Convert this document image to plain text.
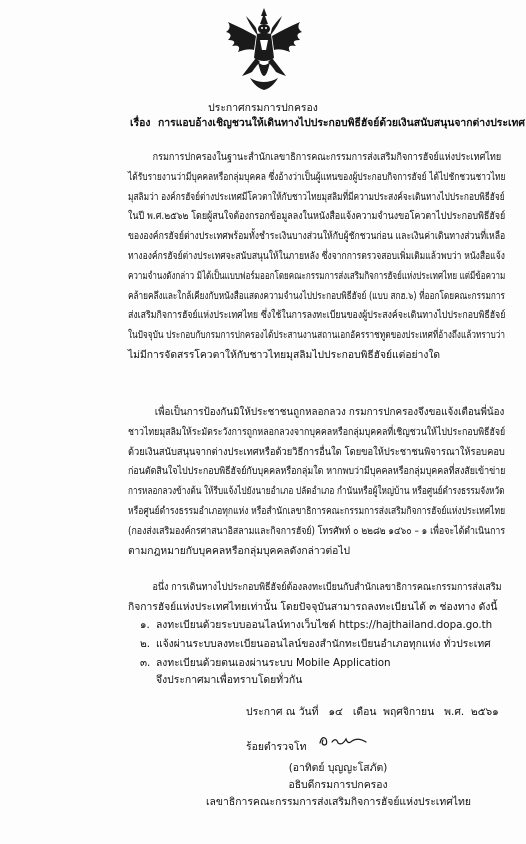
ประกาศกรมการปกครอง
เรื่อง การแอบอ้างเชิญชวนให้เดินทางไปประกอบพิธีฮัจย์ด้วยเงินสนับสนุนจากต่างประเทศ
กรมการปกครองในฐานะสำนักเลขาธิการคณะกรรมการส่งเสริมกิจการฮัจย์แห่งประเทศไทย
ได้รับรายงานว่ามีบุคคลหรือกลุ่มบุคคล ซึ่งอ้างว่าเป็นผู้แทนของผู้ประกอบกิจการฮัจย์ ได้ไปชักชวนชาวไทย
มุสลิมว่า องค์กรฮัจย์ต่างประเทศมีโควตาให้กับชาวไทยมุสลิมที่มีความประสงค์จะเดินทางไปประกอบพิธีฮัจย์
ในปี พ.ศ.๒๕๖๒ โดยผู้สนใจต้องกรอกข้อมูลลงในหนังสือแจ้งความจำนงขอโควตาไปประกอบพิธีฮัจย์
ขององค์กรฮัจย์ต่างประเทศพร้อมทั้งชำระเงินบางส่วนให้กับผู้ชักชวนก่อน และเงินค่าเดินทางส่วนที่เหลือ
ทางองค์กรฮัจย์ต่างประเทศจะสนับสนุนให้ในภายหลัง ซึ่งจากการตรวจสอบเพิ่มเติมแล้วพบว่า หนังสือแจ้ง
ความจำนงดังกล่าว มิได้เป็นแบบฟอร์มออกโดยคณะกรรมการส่งเสริมกิจการฮัจย์แห่งประเทศไทย แต่มีข้อความ
คล้ายคลึงและใกล้เคียงกับหนังสือแสดงความจำนงไปประกอบพิธีฮัจย์ (แบบ สกฮ.๖) ที่ออกโดยคณะกรรมการ
ส่งเสริมกิจการฮัจย์แห่งประเทศไทย ซึ่งใช้ในการลงทะเบียนของผู้ประสงค์จะเดินทางไปประกอบพิธีฮัจย์
ในปัจจุบัน ประกอบกับกรมการปกครองได้ประสานงานสถานเอกอัครราชทูตของประเทศที่อ้างถึงแล้วทราบว่า
ไม่มีการจัดสรรโควตาให้กับชาวไทยมุสลิมไปประกอบพิธีฮัจย์แต่อย่างใด
เพื่อเป็นการป้องกันมิให้ประชาชนถูกหลอกลวง กรมการปกครองจึงขอแจ้งเตือนพี่น้อง
ชาวไทยมุสลิมให้ระมัดระวังการถูกหลอกลวงจากบุคคลหรือกลุ่มบุคคลที่เชิญชวนให้ไปประกอบพิธีฮัจย์
ด้วยเงินสนับสนุนจากต่างประเทศหรือด้วยวิธีการอื่นใด โดยขอให้ประชาชนพิจารณาให้รอบคอบ
ก่อนตัดสินใจไปประกอบพิธีฮัจย์กับบุคคลหรือกลุ่มใด หากพบว่ามีบุคคลหรือกลุ่มบุคคลที่สงสัยเข้าข่าย
การหลอกลวงข้างต้น ให้รีบแจ้งไปยังนายอำเภอ ปลัดอำเภอ กำนันหรือผู้ใหญ่บ้าน หรือศูนย์ดำรงธรรมจังหวัด
หรือศูนย์ดำรงธรรมอำเภอทุกแห่ง หรือสำนักเลขาธิการคณะกรรมการส่งเสริมกิจการฮัจย์แห่งประเทศไทย
(กองส่งเสริมองค์กรศาสนาอิสลามและกิจการฮัจย์) โทรศัพท์ ๐ ๒๒๘๒ ๑๔๖๐ – ๑ เพื่อจะได้ดำเนินการ
ตามกฎหมายกับบุคคลหรือกลุ่มบุคคลดังกล่าวต่อไป
อนึ่ง การเดินทางไปประกอบพิธีฮัจย์ต้องลงทะเบียนกับสำนักเลขาธิการคณะกรรมการส่งเสริม
กิจการฮัจย์แห่งประเทศไทยเท่านั้น โดยปัจจุบันสามารถลงทะเบียนได้ ๓ ช่องทาง ดังนี้
๑. ลงทะเบียนด้วยระบบออนไลน์ทางเว็บไซต์ https://hajthailand.dopa.go.th
๒. แจ้งผ่านระบบลงทะเบียนออนไลน์ของสำนักทะเบียนอำเภอทุกแห่ง ทั่วประเทศ
๓. ลงทะเบียนด้วยตนเองผ่านระบบ Mobile Application
จึงประกาศมาเพื่อทราบโดยทั่วกัน
ประกาศ ณ วันที่ ๑๔ เดือน พฤศจิกายน พ.ศ. ๒๕๖๑
ร้อยตำรวจโท
(อาทิตย์ บุญญะโสภัต)
อธิบดีกรมการปกครอง
เลขาธิการคณะกรรมการส่งเสริมกิจการฮัจย์แห่งประเทศไทย
